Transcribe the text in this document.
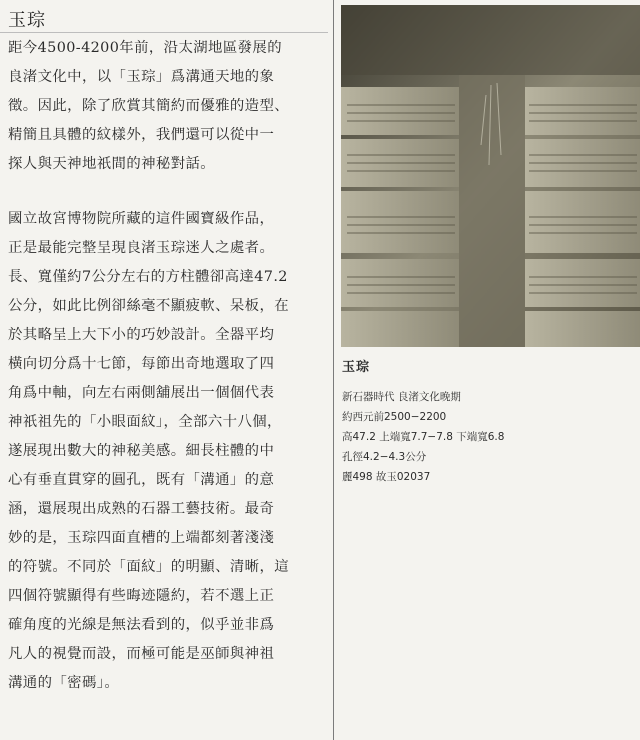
玉琮

距今4500-4200年前，沿太湖地區發展的
良渚文化中，以「玉琮」爲溝通天地的象
徵。因此，除了欣賞其簡約而優雅的造型、
精簡且具體的紋樣外，我們還可以從中一
探人與天神地祇間的神秘對話。

國立故宮博物院所藏的這件國寶級作品，
正是最能完整呈現良渚玉琮迷人之處者。
長、寬僅約7公分左右的方柱體卻高達47.2
公分，如此比例卻絲毫不顯疲軟、呆板，在
於其略呈上大下小的巧妙設計。全器平均
橫向切分爲十七節，每節出奇地選取了四
角爲中軸，向左右兩側舖展出一個個代表
神祇祖先的「小眼面紋」，全部六十八個，
遂展現出數大的神秘美感。細長柱體的中
心有垂直貫穿的圓孔，既有「溝通」的意
涵，還展現出成熟的石器工藝技術。最奇
妙的是，玉琮四面直槽的上端都刻著淺淺
的符號。不同於「面紋」的明顯、清晰，這
四個符號顯得有些晦迹隱約，若不選上正
確角度的光線是無法看到的，似乎並非爲
凡人的視覺而設，而極可能是巫師與神祖
溝通的「密碼」。

玉琮
新石器時代 良渚文化晚期
約西元前2500−2200
高47.2 上端寬7.7−7.8 下端寬6.8
孔徑4.2−4.3公分
麗498 故玉02037
